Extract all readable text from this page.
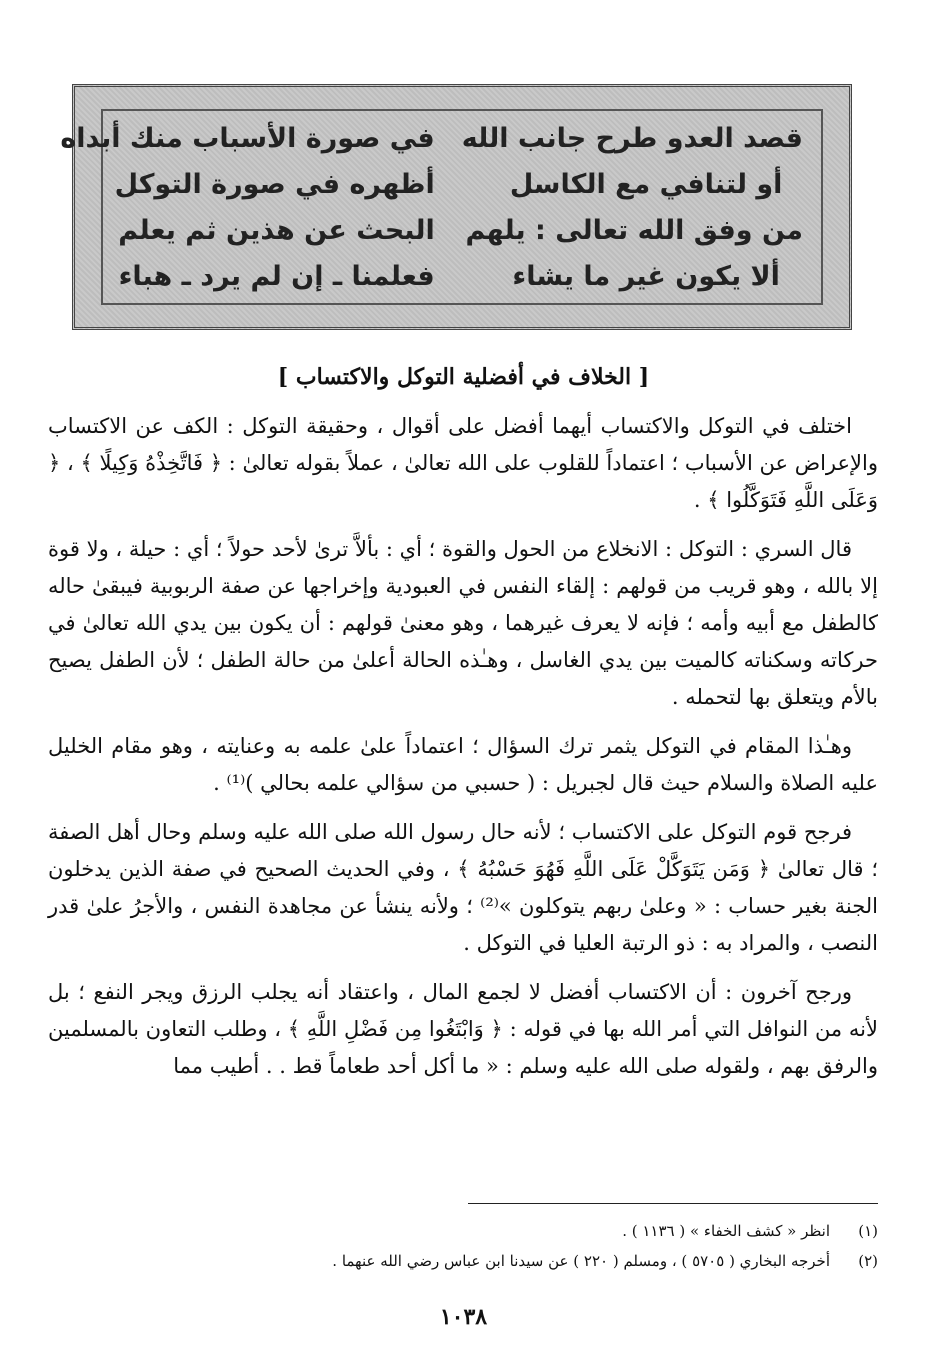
قصد العدو طرح جانب الله
في صورة الأسباب منك أبداه
أو لتنافي مع الكاسل
أظهره في صورة التوكل
من وفق الله تعالى : يلهم
البحث عن هذين ثم يعلم
ألا يكون غير ما يشاء
فعلمنا ـ إن لم يرد ـ هباء
[ الخلاف في أفضلية التوكل والاكتساب ]

اختلف في التوكل والاكتساب أيهما أفضل على أقوال ، وحقيقة التوكل : الكف عن الاكتساب والإعراض عن الأسباب ؛ اعتماداً للقلوب على الله تعالىٰ ، عملاً بقوله تعالىٰ : ﴿ فَاتَّخِذْهُ وَكِيلًا ﴾ ، ﴿ وَعَلَى اللَّهِ فَتَوَكَّلُوا ﴾ .

قال السري : التوكل : الانخلاع من الحول والقوة ؛ أي : بألاَّ ترىٰ لأحد حولاً ؛ أي : حيلة ، ولا قوة إلا بالله ، وهو قريب من قولهم : إلقاء النفس في العبودية وإخراجها عن صفة الربوبية فيبقىٰ حاله كالطفل مع أبيه وأمه ؛ فإنه لا يعرف غيرهما ، وهو معنىٰ قولهم : أن يكون بين يدي الله تعالىٰ في حركاته وسكناته كالميت بين يدي الغاسل ، وهـٰذه الحالة أعلىٰ من حالة الطفل ؛ لأن الطفل يصيح بالأم ويتعلق بها لتحمله .

وهـٰذا المقام في التوكل يثمر ترك السؤال ؛ اعتماداً علىٰ علمه به وعنايته ، وهو مقام الخليل عليه الصلاة والسلام حيث قال لجبريل : ( حسبي من سؤالي علمه بحالي )⁽¹⁾ .

فرجح قوم التوكل على الاكتساب ؛ لأنه حال رسول الله صلى الله عليه وسلم وحال أهل الصفة ؛ قال تعالىٰ ﴿ وَمَن يَتَوَكَّلْ عَلَى اللَّهِ فَهُوَ حَسْبُهُ ﴾ ، وفي الحديث الصحيح في صفة الذين يدخلون الجنة بغير حساب : « وعلىٰ ربهم يتوكلون »⁽²⁾ ؛ ولأنه ينشأ عن مجاهدة النفس ، والأجرُ علىٰ قدر النصب ، والمراد به : ذو الرتبة العليا في التوكل .

ورجح آخرون : أن الاكتساب أفضل لا لجمع المال ، واعتقاد أنه يجلب الرزق ويجر النفع ؛ بل لأنه من النوافل التي أمر الله بها في قوله : ﴿ وَابْتَغُوا مِن فَضْلِ اللَّهِ ﴾ ، وطلب التعاون بالمسلمين والرفق بهم ، ولقوله صلى الله عليه وسلم : « ما أكل أحد طعاماً قط . . أطيب مما

(١)
انظر « كشف الخفاء » ( ١١٣٦ ) .
(٢)
أخرجه البخاري ( ٥٧٠٥ ) ، ومسلم ( ٢٢٠ ) عن سيدنا ابن عباس رضي الله عنهما .
١٠٣٨
